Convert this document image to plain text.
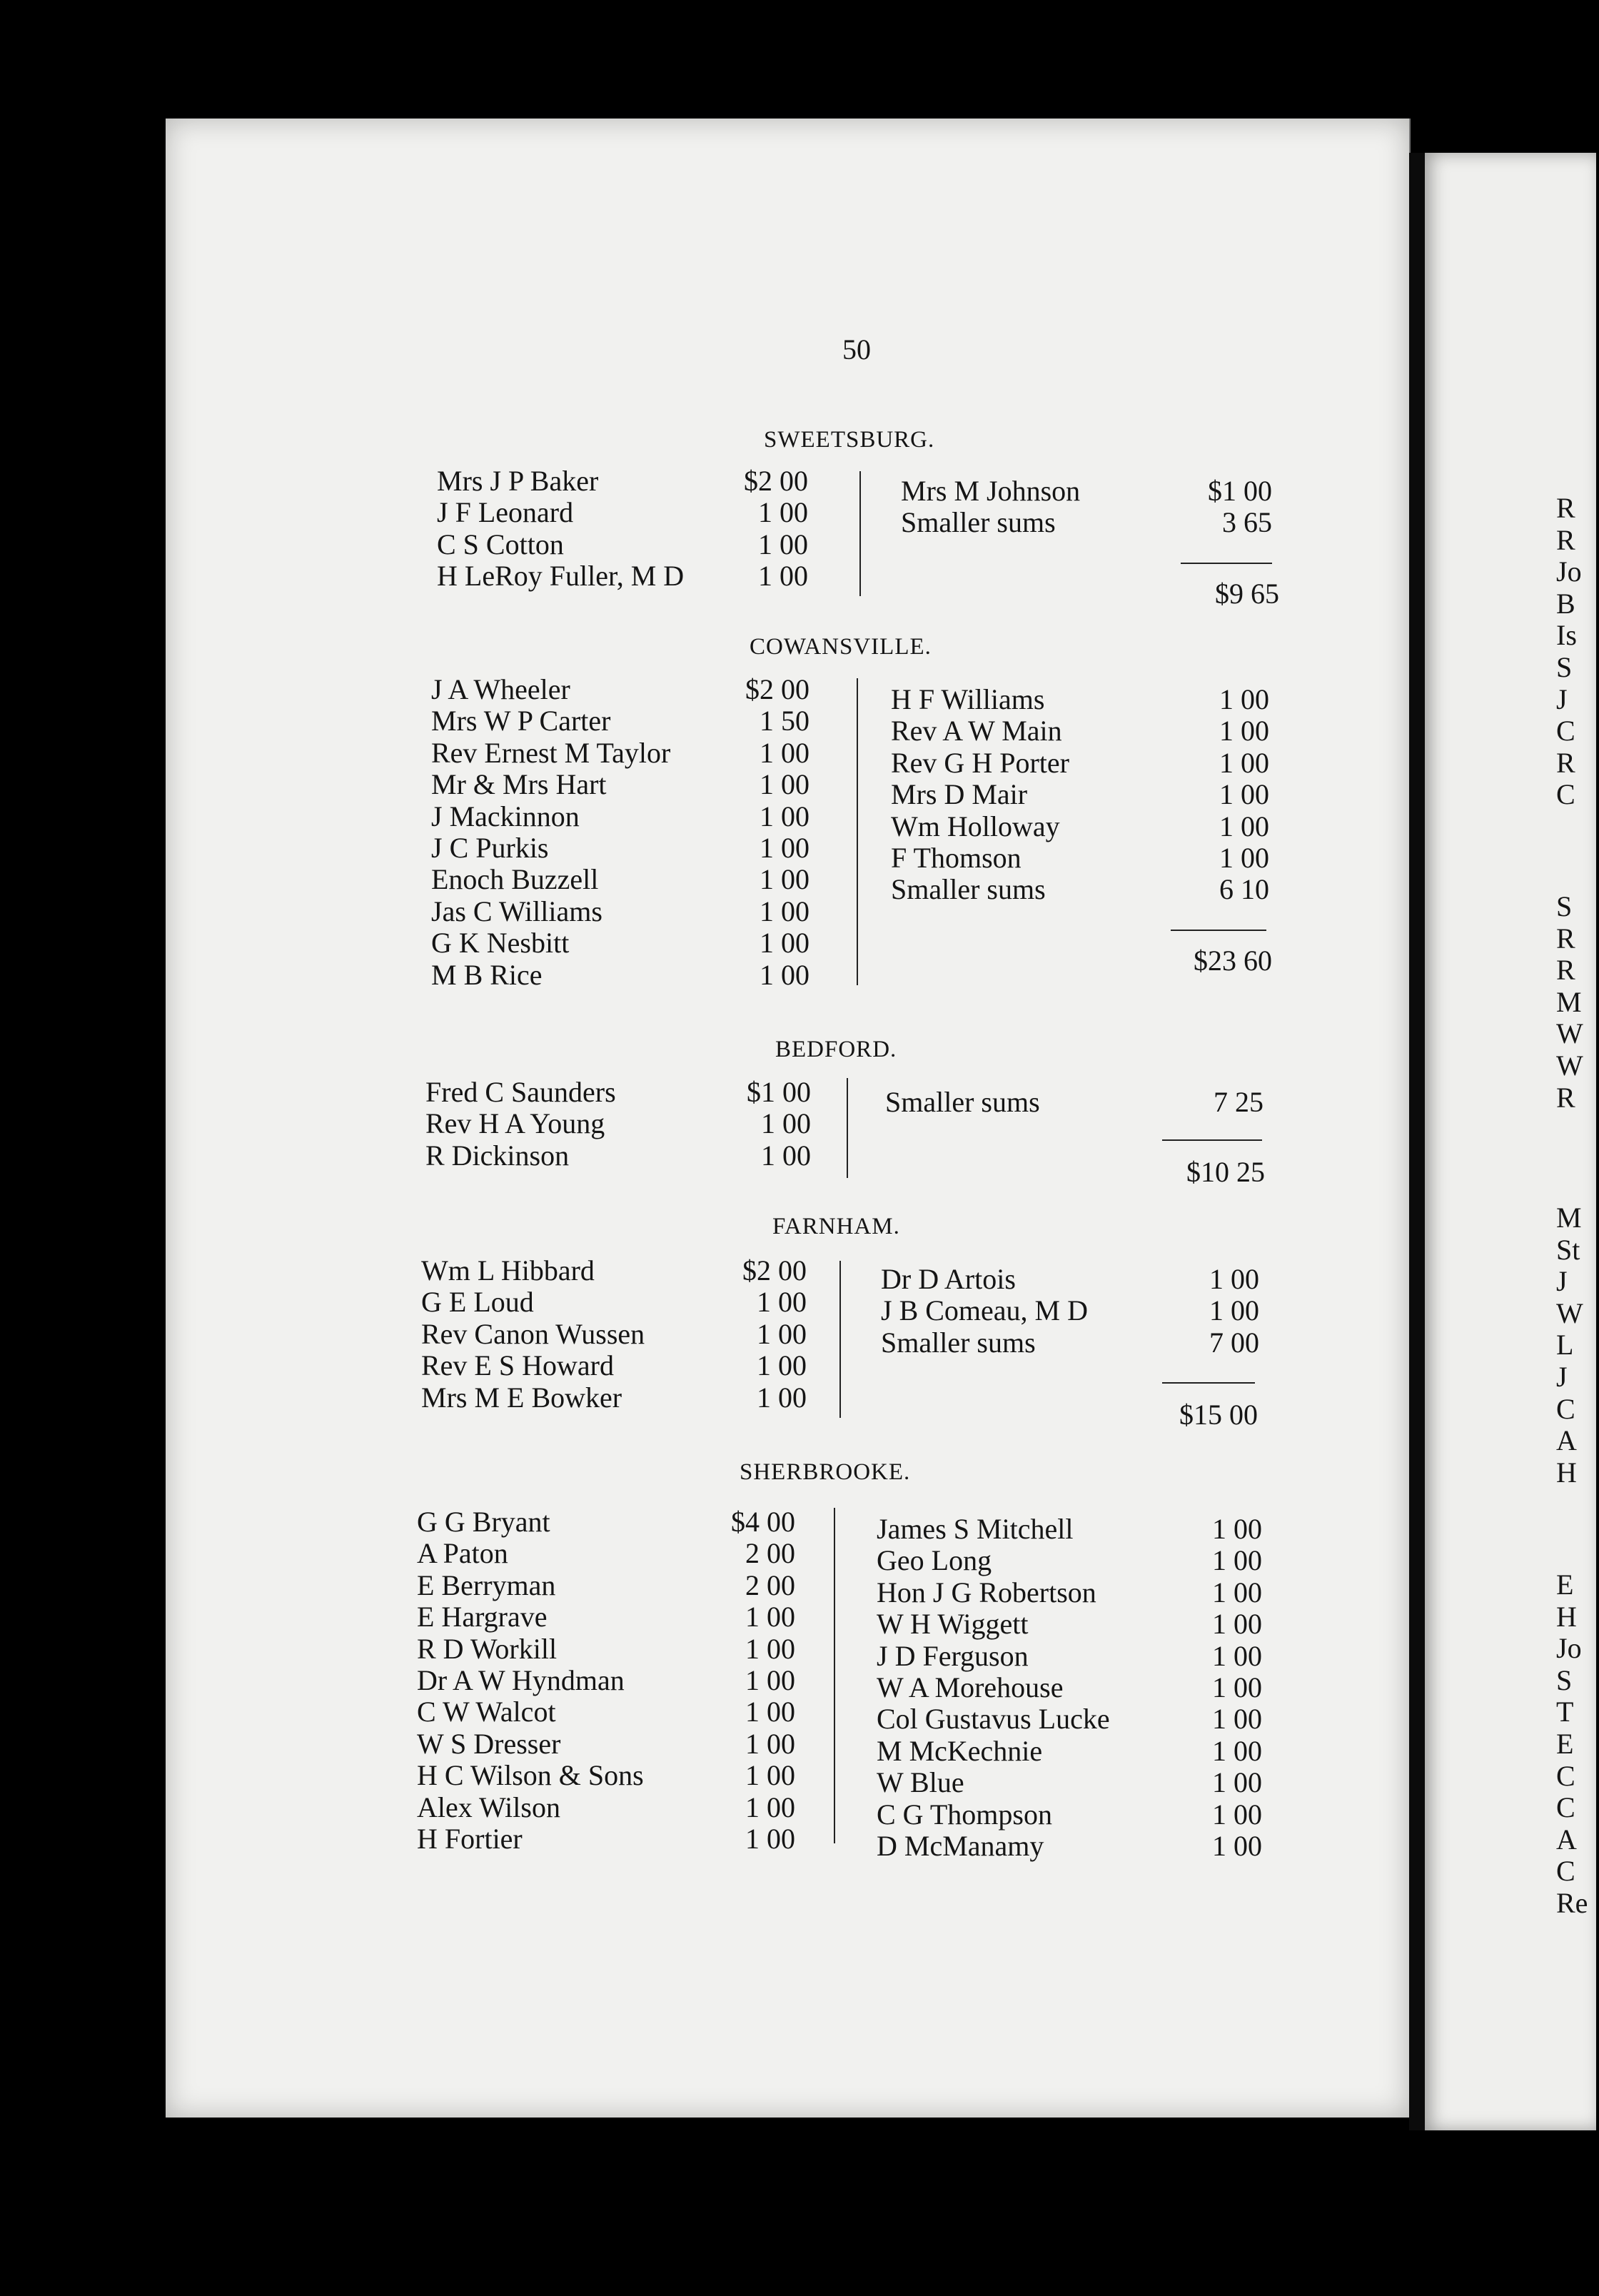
50
SWEETSBURG.
Mrs J P Baker	$2 00
J F Leonard	1 00
C S Cotton	1 00
H LeRoy Fuller, M D	1 00
Mrs M Johnson	$1 00
Smaller sums	3 65
$9 65
COWANSVILLE.
J A Wheeler	$2 00
Mrs W P Carter	1 50
Rev Ernest M Taylor	1 00
Mr & Mrs Hart	1 00
J Mackinnon	1 00
J C Purkis	1 00
Enoch Buzzell	1 00
Jas C Williams	1 00
G K Nesbitt	1 00
M B Rice	1 00
H F Williams	1 00
Rev A W Main	1 00
Rev G H Porter	1 00
Mrs D Mair	1 00
Wm Holloway	1 00
F Thomson	1 00
Smaller sums	6 10
$23 60
BEDFORD.
Fred C Saunders	$1 00
Rev H A Young	1 00
R Dickinson	1 00
Smaller sums	7 25
$10 25
FARNHAM.
Wm L Hibbard	$2 00
G E Loud	1 00
Rev Canon Wussen	1 00
Rev E S Howard	1 00
Mrs M E Bowker	1 00
Dr D Artois	1 00
J B Comeau, M D	1 00
Smaller sums	7 00
$15 00
SHERBROOKE.
G G Bryant	$4 00
A Paton	2 00
E Berryman	2 00
E Hargrave	1 00
R D Workill	1 00
Dr A W Hyndman	1 00
C W Walcot	1 00
W S Dresser	1 00
H C Wilson & Sons	1 00
Alex Wilson	1 00
H Fortier	1 00
James S Mitchell	1 00
Geo Long	1 00
Hon J G Robertson	1 00
W H Wiggett	1 00
J D Ferguson	1 00
W A Morehouse	1 00
Col Gustavus Lucke	1 00
M McKechnie	1 00
W Blue	1 00
C G Thompson	1 00
D McManamy	1 00
R
R
Jo
B
Is
S
J
C
R
C
S
R
R
M
W
W
R
M
St
J
W
L
J
C
A
H
E
H
Jo
S
T
E
C
C
A
C
Re
